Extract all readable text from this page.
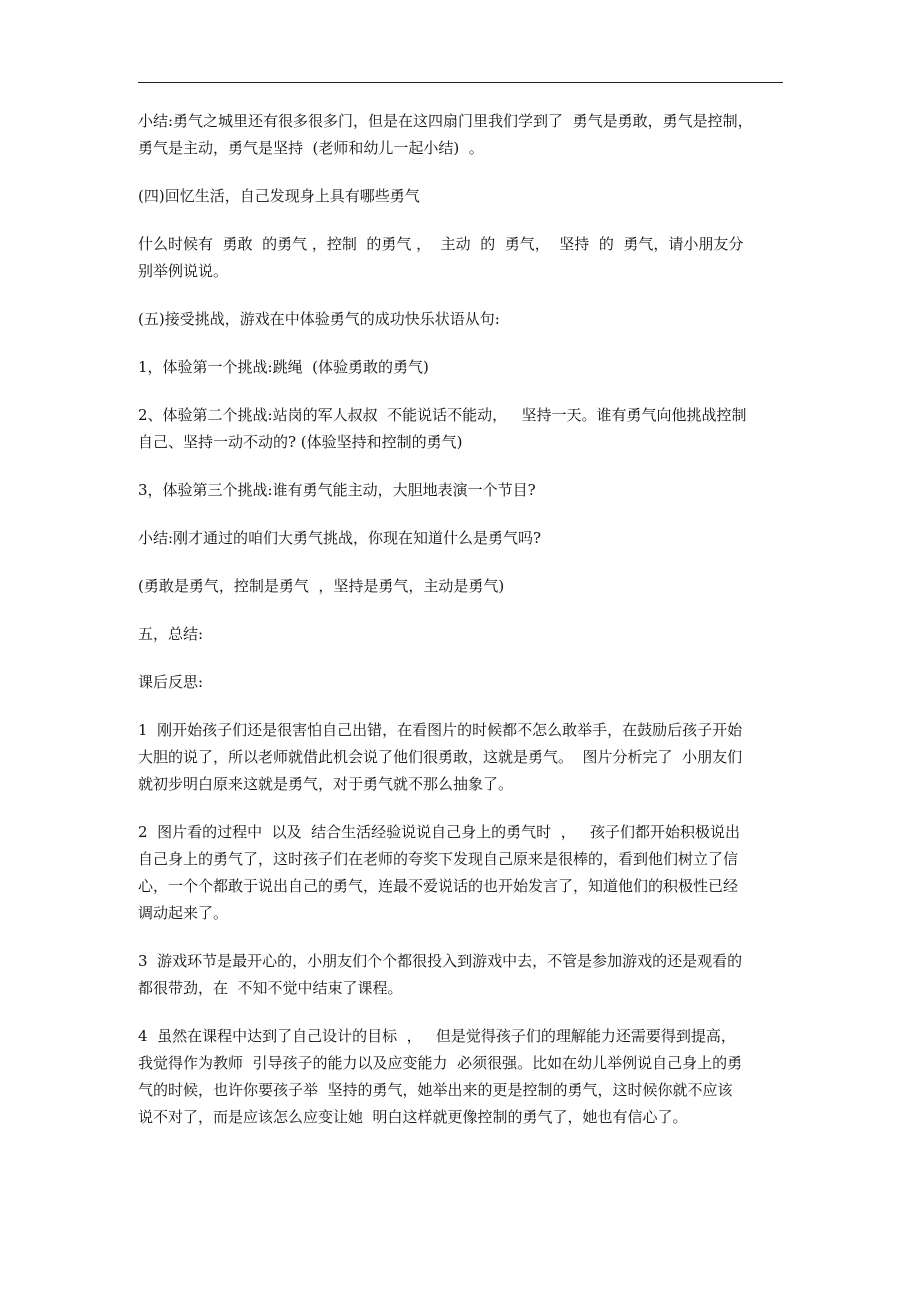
小结:勇气之城里还有很多很多门，但是在这四扇门里我们学到了  勇气是勇敢，勇气是控制，
勇气是主动，勇气是坚持  (老师和幼儿一起小结)  。

(四)回忆生活，自己发现身上具有哪些勇气

什么时候有  勇敢  的勇气 ，控制  的勇气 ，  主动  的  勇气，  坚持  的  勇气，请小朋友分
别举例说说。

(五)接受挑战，游戏在中体验勇气的成功快乐状语从句:

1，体验第一个挑战:跳绳  (体验勇敢的勇气)

2、体验第二个挑战:站岗的军人叔叔  不能说话不能动，   坚持一天。谁有勇气向他挑战控制
自己、坚持一动不动的? (体验坚持和控制的勇气)

3，体验第三个挑战:谁有勇气能主动，大胆地表演一个节目?

小结:刚才通过的咱们大勇气挑战，你现在知道什么是勇气吗?

(勇敢是勇气，控制是勇气  ，坚持是勇气，主动是勇气)

五，总结:

课后反思:

1  刚开始孩子们还是很害怕自己出错，在看图片的时候都不怎么敢举手，在鼓励后孩子开始
大胆的说了，所以老师就借此机会说了他们很勇敢，这就是勇气。  图片分析完了  小朋友们
就初步明白原来这就是勇气，对于勇气就不那么抽象了。

2  图片看的过程中  以及  结合生活经验说说自己身上的勇气时  ，   孩子们都开始积极说出
自己身上的勇气了，这时孩子们在老师的夸奖下发现自己原来是很棒的，看到他们树立了信
心，一个个都敢于说出自己的勇气，连最不爱说话的也开始发言了，知道他们的积极性已经
调动起来了。

3  游戏环节是最开心的，小朋友们个个都很投入到游戏中去，不管是参加游戏的还是观看的
都很带劲，在  不知不觉中结束了课程。

4  虽然在课程中达到了自己设计的目标  ，   但是觉得孩子们的理解能力还需要得到提高，
我觉得作为教师  引导孩子的能力以及应变能力  必须很强。比如在幼儿举例说自己身上的勇
气的时候，也许你要孩子举  坚持的勇气，她举出来的更是控制的勇气，这时候你就不应该
说不对了，而是应该怎么应变让她  明白这样就更像控制的勇气了，她也有信心了。
